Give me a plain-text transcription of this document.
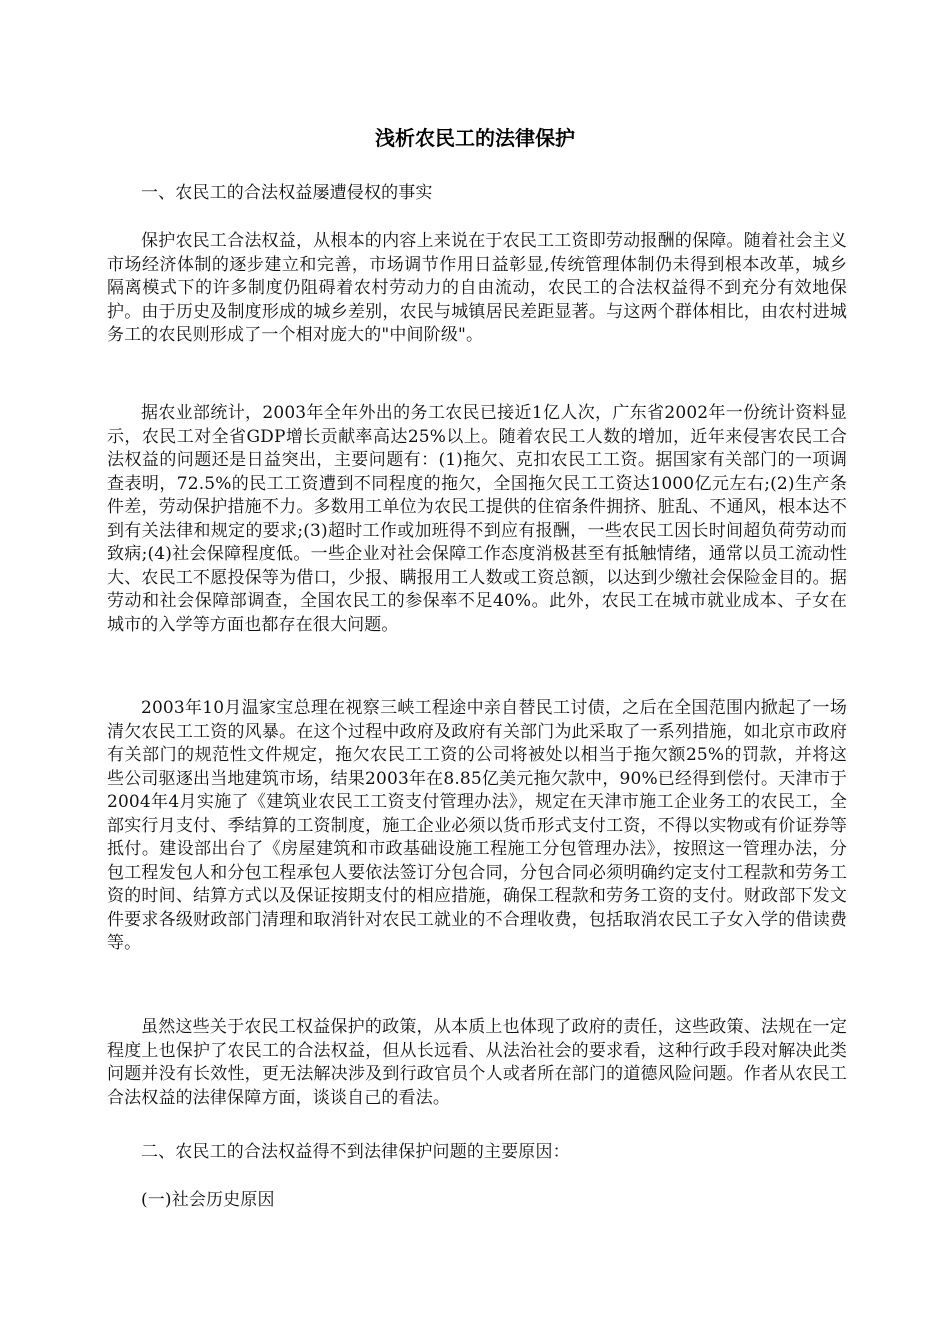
浅析农民工的法律保护

一、农民工的合法权益屡遭侵权的事实

保护农民工合法权益，从根本的内容上来说在于农民工工资即劳动报酬的保障。随着社会主义市场经济体制的逐步建立和完善，市场调节作用日益彰显,传统管理体制仍未得到根本改革，城乡隔离模式下的许多制度仍阻碍着农村劳动力的自由流动，农民工的合法权益得不到充分有效地保护。由于历史及制度形成的城乡差别，农民与城镇居民差距显著。与这两个群体相比，由农村进城务工的农民则形成了一个相对庞大的"中间阶级"。

据农业部统计，2003年全年外出的务工农民已接近1亿人次，广东省2002年一份统计资料显示，农民工对全省GDP增长贡献率高达25%以上。随着农民工人数的增加，近年来侵害农民工合法权益的问题还是日益突出，主要问题有：(1)拖欠、克扣农民工工资。据国家有关部门的一项调查表明，72.5%的民工工资遭到不同程度的拖欠，全国拖欠民工工资达1000亿元左右;(2)生产条件差，劳动保护措施不力。多数用工单位为农民工提供的住宿条件拥挤、脏乱、不通风，根本达不到有关法律和规定的要求;(3)超时工作或加班得不到应有报酬，一些农民工因长时间超负荷劳动而致病;(4)社会保障程度低。一些企业对社会保障工作态度消极甚至有抵触情绪，通常以员工流动性大、农民工不愿投保等为借口，少报、瞒报用工人数或工资总额，以达到少缴社会保险金目的。据劳动和社会保障部调查，全国农民工的参保率不足40%。此外，农民工在城市就业成本、子女在城市的入学等方面也都存在很大问题。

2003年10月温家宝总理在视察三峡工程途中亲自替民工讨债，之后在全国范围内掀起了一场清欠农民工工资的风暴。在这个过程中政府及政府有关部门为此采取了一系列措施，如北京市政府有关部门的规范性文件规定，拖欠农民工工资的公司将被处以相当于拖欠额25%的罚款，并将这些公司驱逐出当地建筑市场，结果2003年在8.85亿美元拖欠款中，90%已经得到偿付。天津市于2004年4月实施了《建筑业农民工工资支付管理办法》，规定在天津市施工企业务工的农民工，全部实行月支付、季结算的工资制度，施工企业必须以货币形式支付工资，不得以实物或有价证券等抵付。建设部出台了《房屋建筑和市政基础设施工程施工分包管理办法》，按照这一管理办法，分包工程发包人和分包工程承包人要依法签订分包合同，分包合同必须明确约定支付工程款和劳务工资的时间、结算方式以及保证按期支付的相应措施，确保工程款和劳务工资的支付。财政部下发文件要求各级财政部门清理和取消针对农民工就业的不合理收费，包括取消农民工子女入学的借读费等。

虽然这些关于农民工权益保护的政策，从本质上也体现了政府的责任，这些政策、法规在一定程度上也保护了农民工的合法权益，但从长远看、从法治社会的要求看，这种行政手段对解决此类问题并没有长效性，更无法解决涉及到行政官员个人或者所在部门的道德风险问题。作者从农民工合法权益的法律保障方面，谈谈自己的看法。

二、农民工的合法权益得不到法律保护问题的主要原因：

(一)社会历史原因
